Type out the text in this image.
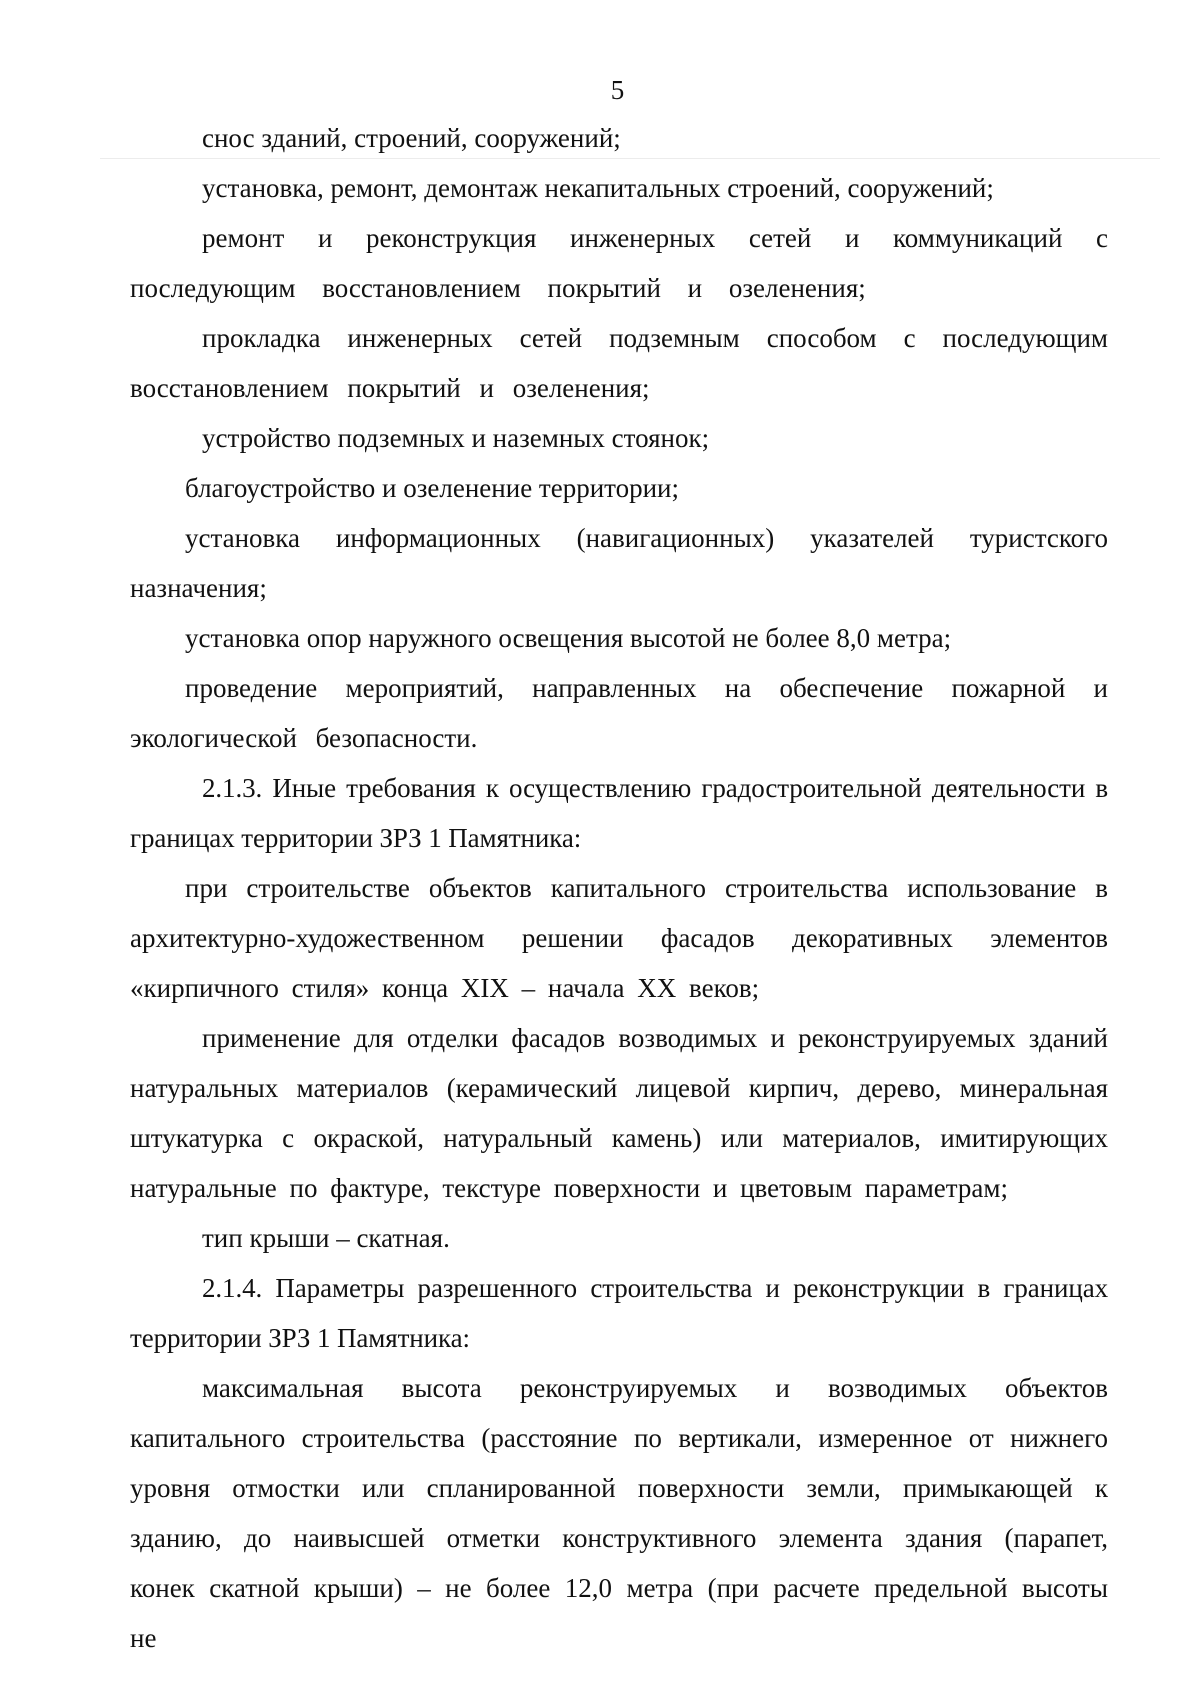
5

снос зданий, строений, сооружений;

установка, ремонт, демонтаж некапитальных строений, сооружений;

ремонт и реконструкция инженерных сетей и коммуникаций с последующим восстановлением покрытий и озеленения;

прокладка инженерных сетей подземным способом с последующим восстановлением покрытий и озеленения;

устройство подземных и наземных стоянок;

благоустройство и озеленение территории;

установка информационных (навигационных) указателей туристского назначения;

установка опор наружного освещения высотой не более 8,0 метра;

проведение мероприятий, направленных на обеспечение пожарной и экологической безопасности.

2.1.3. Иные требования к осуществлению градостроительной деятельности в границах территории ЗРЗ 1 Памятника:

при строительстве объектов капитального строительства использование в архитектурно-художественном решении фасадов декоративных элементов «кирпичного стиля» конца XIX – начала XX веков;

применение для отделки фасадов возводимых и реконструируемых зданий натуральных материалов (керамический лицевой кирпич, дерево, минеральная штукатурка с окраской, натуральный камень) или материалов, имитирующих натуральные по фактуре, текстуре поверхности и цветовым параметрам;

тип крыши – скатная.

2.1.4. Параметры разрешенного строительства и реконструкции в границах территории ЗРЗ 1 Памятника:

максимальная высота реконструируемых и возводимых объектов капитального строительства (расстояние по вертикали, измеренное от нижнего уровня отмостки или спланированной поверхности земли, примыкающей к зданию, до наивысшей отметки конструктивного элемента здания (парапет, конек скатной крыши) – не более 12,0 метра (при расчете предельной высоты не
